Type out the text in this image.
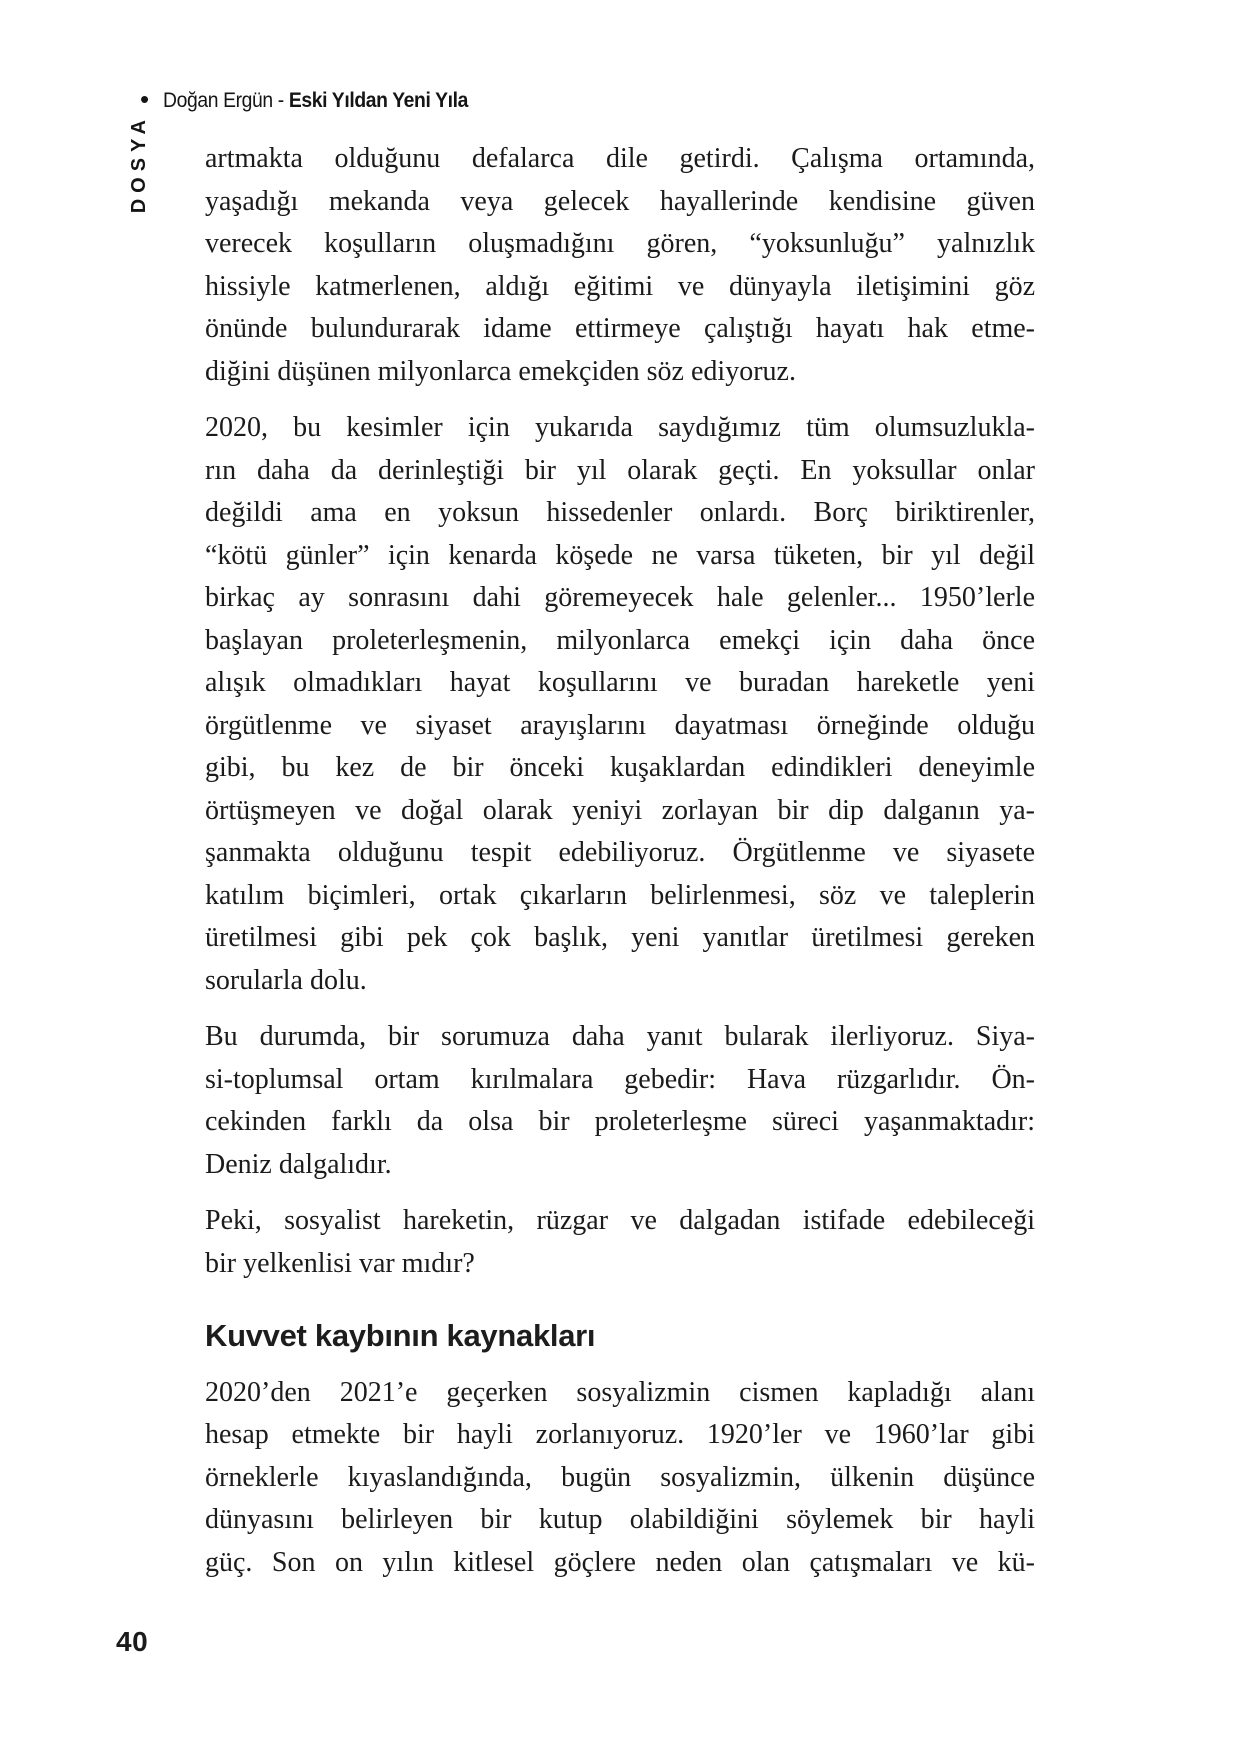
• Doğan Ergün - Eski Yıldan Yeni Yıla
DOSYA artmakta olduğunu defalarca dile getirdi. Çalışma ortamında,
yaşadığı mekanda veya gelecek hayallerinde kendisine güven
verecek koşulların oluşmadığını gören, “yoksunluğu” yalnızlık
hissiyle katmerlenen, aldığı eğitimi ve dünyayla iletişimini göz
önünde bulundurarak idame ettirmeye çalıştığı hayatı hak etme-
diğini düşünen milyonlarca emekçiden söz ediyoruz.
2020, bu kesimler için yukarıda saydığımız tüm olumsuzlukla-
rın daha da derinleştiği bir yıl olarak geçti. En yoksullar onlar
değildi ama en yoksun hissedenler onlardı. Borç biriktirenler,
“kötü günler” için kenarda köşede ne varsa tüketen, bir yıl değil
birkaç ay sonrasını dahi göremeyecek hale gelenler... 1950’lerle
başlayan proleterleşmenin, milyonlarca emekçi için daha önce
alışık olmadıkları hayat koşullarını ve buradan hareketle yeni
örgütlenme ve siyaset arayışlarını dayatması örneğinde olduğu
gibi, bu kez de bir önceki kuşaklardan edindikleri deneyimle
örtüşmeyen ve doğal olarak yeniyi zorlayan bir dip dalganın ya-
şanmakta olduğunu tespit edebiliyoruz. Örgütlenme ve siyasete
katılım biçimleri, ortak çıkarların belirlenmesi, söz ve taleplerin
üretilmesi gibi pek çok başlık, yeni yanıtlar üretilmesi gereken
sorularla dolu.
Bu durumda, bir sorumuza daha yanıt bularak ilerliyoruz. Siya-
si-toplumsal ortam kırılmalara gebedir: Hava rüzgarlıdır. Ön-
cekinden farklı da olsa bir proleterleşme süreci yaşanmaktadır:
Deniz dalgalıdır.
Peki, sosyalist hareketin, rüzgar ve dalgadan istifade edebileceği
bir yelkenlisi var mıdır?
Kuvvet kaybının kaynakları
2020’den 2021’e geçerken sosyalizmin cismen kapladığı alanı
hesap etmekte bir hayli zorlanıyoruz. 1920’ler ve 1960’lar gibi
örneklerle kıyaslandığında, bugün sosyalizmin, ülkenin düşünce
dünyasını belirleyen bir kutup olabildiğini söylemek bir hayli
güç. Son on yılın kitlesel göçlere neden olan çatışmaları ve kü-
40
